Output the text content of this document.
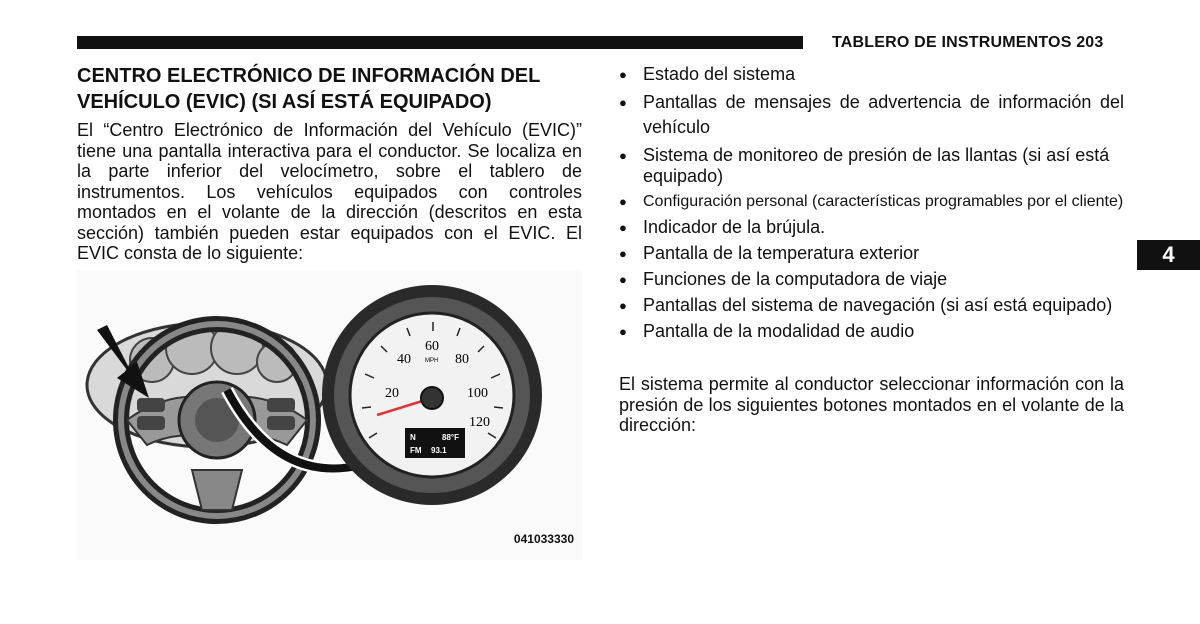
TABLERO DE INSTRUMENTOS 203
CENTRO ELECTRÓNICO DE INFORMACIÓN DEL VEHÍCULO (EVIC) (SI ASÍ ESTÁ EQUIPADO)
El “Centro Electrónico de Información del Vehículo (EVIC)” tiene una pantalla interactiva para el conductor. Se localiza en la parte inferior del velocímetro, sobre el tablero de instrumentos. Los vehículos equipados con controles montados en el volante de la dirección (descritos en esta sección) también pueden estar equipados con el EVIC. El EVIC consta de lo siguiente:
20
40
60
80
100
120
MPH
N	88°F
FM 93.1
041033330
● Estado del sistema
● Pantallas de mensajes de advertencia de información del vehículo
● Sistema de monitoreo de presión de las llantas (si así está equipado)
● Configuración personal (características programables por el cliente)
● Indicador de la brújula.
● Pantalla de la temperatura exterior
● Funciones de la computadora de viaje
● Pantallas del sistema de navegación (si así está equipado)
● Pantalla de la modalidad de audio
El sistema permite al conductor seleccionar información con la presión de los siguientes botones montados en el volante de la dirección:
4
